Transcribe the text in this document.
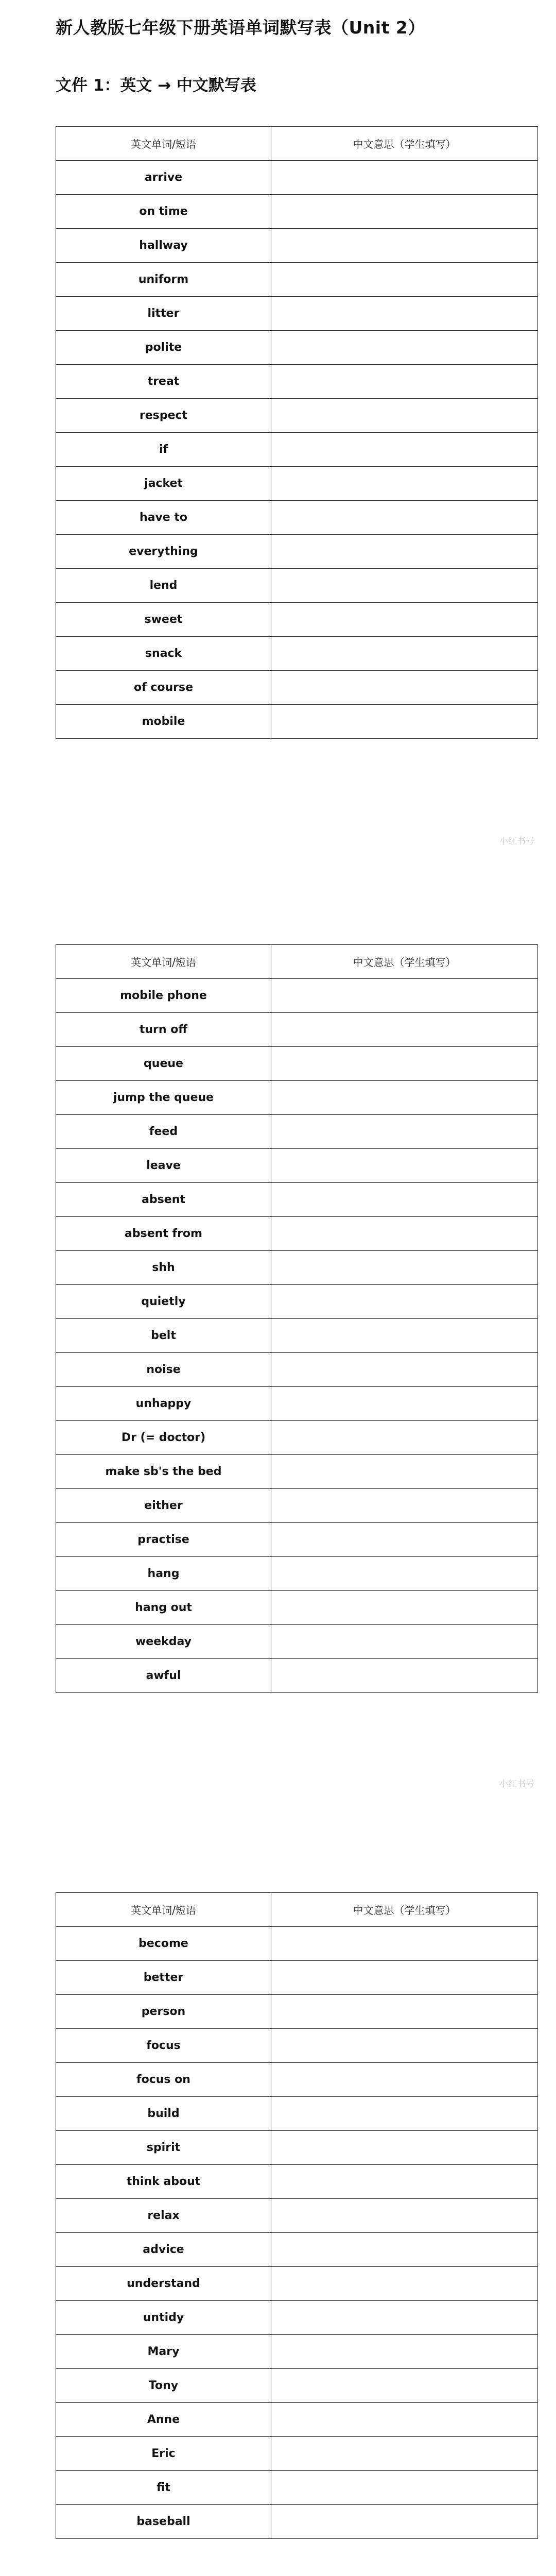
新人教版七年级下册英语单词默写表（Unit 2）
文件 1：英文 → 中文默写表
英文单词/短语	中文意思（学生填写）
arrive	
on time	
hallway	
uniform	
litter	
polite	
treat	
respect	
if	
jacket	
have to	
everything	
lend	
sweet	
snack	
of course	
mobile	
小红书号
英文单词/短语	中文意思（学生填写）
mobile phone	
turn off	
queue	
jump the queue	
feed	
leave	
absent	
absent from	
shh	
quietly	
belt	
noise	
unhappy	
Dr (= doctor)	
make sb's the bed	
either	
practise	
hang	
hang out	
weekday	
awful	
小红书号
英文单词/短语	中文意思（学生填写）
become	
better	
person	
focus	
focus on	
build	
spirit	
think about	
relax	
advice	
understand	
untidy	
Mary	
Tony	
Anne	
Eric	
fit	
baseball	
